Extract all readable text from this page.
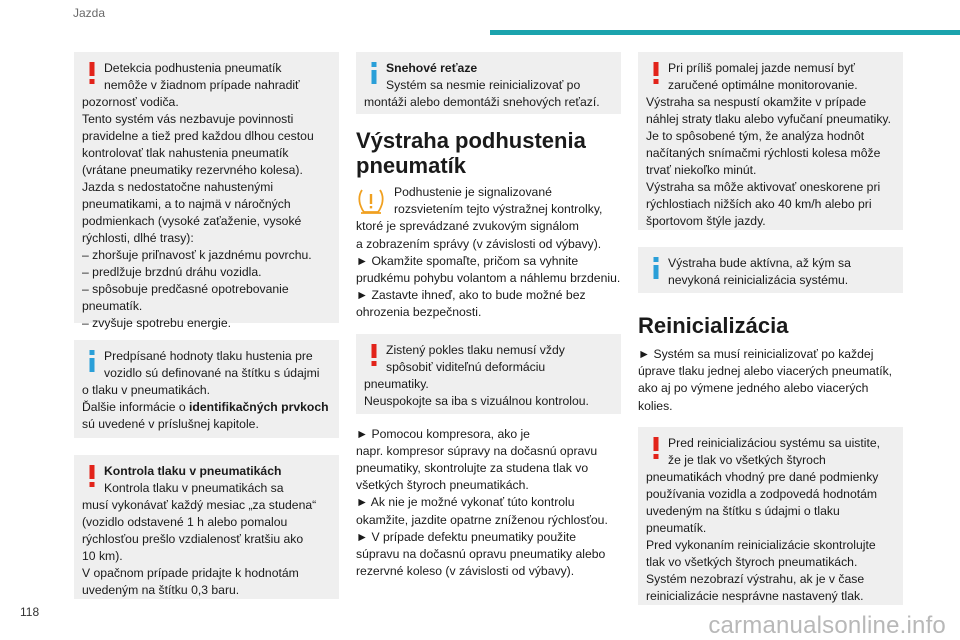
Jazda

Detekcia podhustenia pneumatík

nemôže v žiadnom prípade nahradiť

pozornosť vodiča.

Tento systém vás nezbavuje povinnosti

pravidelne a tiež pred každou dlhou cestou

kontrolovať tlak nahustenia pneumatík

(vrátane pneumatiky rezervného kolesa).

Jazda s nedostatočne nahustenými

pneumatikami, a to najmä v náročných

podmienkach (vysoké zaťaženie, vysoké

rýchlosti, dlhé trasy):

– zhoršuje priľnavosť k jazdnému povrchu.

– predlžuje brzdnú dráhu vozidla.

– spôsobuje predčasné opotrebovanie

pneumatík.

– zvyšuje spotrebu energie.

Predpísané hodnoty tlaku hustenia pre

vozidlo sú definované na štítku s údajmi

o tlaku v pneumatikách.

Ďalšie informácie o identifikačných prvkoch

sú uvedené v príslušnej kapitole.

Kontrola tlaku v pneumatikách

Kontrola tlaku v pneumatikách sa

musí vykonávať každý mesiac „za studena“

(vozidlo odstavené 1 h alebo pomalou

rýchlosťou prešlo vzdialenosť kratšiu ako

10 km).

V opačnom prípade pridajte k hodnotám

uvedeným na štítku 0,3 baru.

Snehové reťaze

Systém sa nesmie reinicializovať po

montáži alebo demontáži snehových reťazí.

Výstraha podhustenia pneumatík

Podhustenie je signalizované

rozsvietením tejto výstražnej kontrolky,

ktoré je sprevádzané zvukovým signálom

a zobrazením správy (v závislosti od výbavy).

► Okamžite spomaľte, pričom sa vyhnite

prudkému pohybu volantom a náhlemu brzdeniu.

► Zastavte ihneď, ako to bude možné bez

ohrozenia bezpečnosti.

Zistený pokles tlaku nemusí vždy

spôsobiť viditeľnú deformáciu

pneumatiky.

Neuspokojte sa iba s vizuálnou kontrolou.

► Pomocou kompresora, ako je

napr. kompresor súpravy na dočasnú opravu

pneumatiky, skontrolujte za studena tlak vo

všetkých štyroch pneumatikách.

► Ak nie je možné vykonať túto kontrolu

okamžite, jazdite opatrne zníženou rýchlosťou.

► V prípade defektu pneumatiky použite

súpravu na dočasnú opravu pneumatiky alebo

rezervné koleso (v závislosti od výbavy).

Pri príliš pomalej jazde nemusí byť

zaručené optimálne monitorovanie.

Výstraha sa nespustí okamžite v prípade

náhlej straty tlaku alebo vyfučaní pneumatiky.

Je to spôsobené tým, že analýza hodnôt

načítaných snímačmi rýchlosti kolesa môže

trvať niekoľko minút.

Výstraha sa môže aktivovať oneskorene pri

rýchlostiach nižších ako 40 km/h alebo pri

športovom štýle jazdy.

Výstraha bude aktívna, až kým sa

nevykoná reinicializácia systému.

Reinicializácia

► Systém sa musí reinicializovať po každej

úprave tlaku jednej alebo viacerých pneumatík,

ako aj po výmene jedného alebo viacerých

kolies.

Pred reinicializáciou systému sa uistite,

že je tlak vo všetkých štyroch

pneumatikách vhodný pre dané podmienky

používania vozidla a zodpovedá hodnotám

uvedeným na štítku s údajmi o tlaku

pneumatík.

Pred vykonaním reinicializácie skontrolujte

tlak vo všetkých štyroch pneumatikách.

Systém nezobrazí výstrahu, ak je v čase

reinicializácie nesprávne nastavený tlak.

118	carmanualsonline.info
